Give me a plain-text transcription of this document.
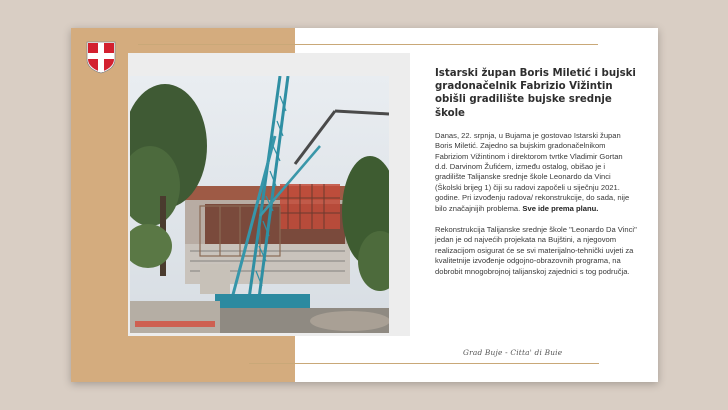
Istarski župan Boris Miletić i bujski gradonačelnik Fabrizio Vižintin obišli gradilište bujske srednje škole

Danas, 22. srpnja, u Bujama je gostovao Istarski župan Boris Miletić. Zajedno sa bujskim gradonačelnikom Fabriziom Vižintinom i direktorom tvrtke Vladimir Gortan d.d. Darvinom Žufićem, između ostalog, obišao je i gradilište Talijanske srednje škole Leonardo da Vinci (Školski brijeg 1) čiji su radovi započeli u siječnju 2021. godine. Pri izvođenju radova/ rekonstrukcije, do sada, nije bilo značajnijih problema. Sve ide prema planu.

Rekonstrukcija Talijanske srednje škole "Leonardo Da Vinci" jedan je od najvećih projekata na Bujštini, a njegovom realizacijom osigurat će se svi materijalno-tehnički uvjeti za kvalitetnije izvođenje odgojno-obrazovnih programa, na dobrobit mnogobrojnoj talijanskoj zajednici s tog područja.

Grad Buje - Citta' di Buie
